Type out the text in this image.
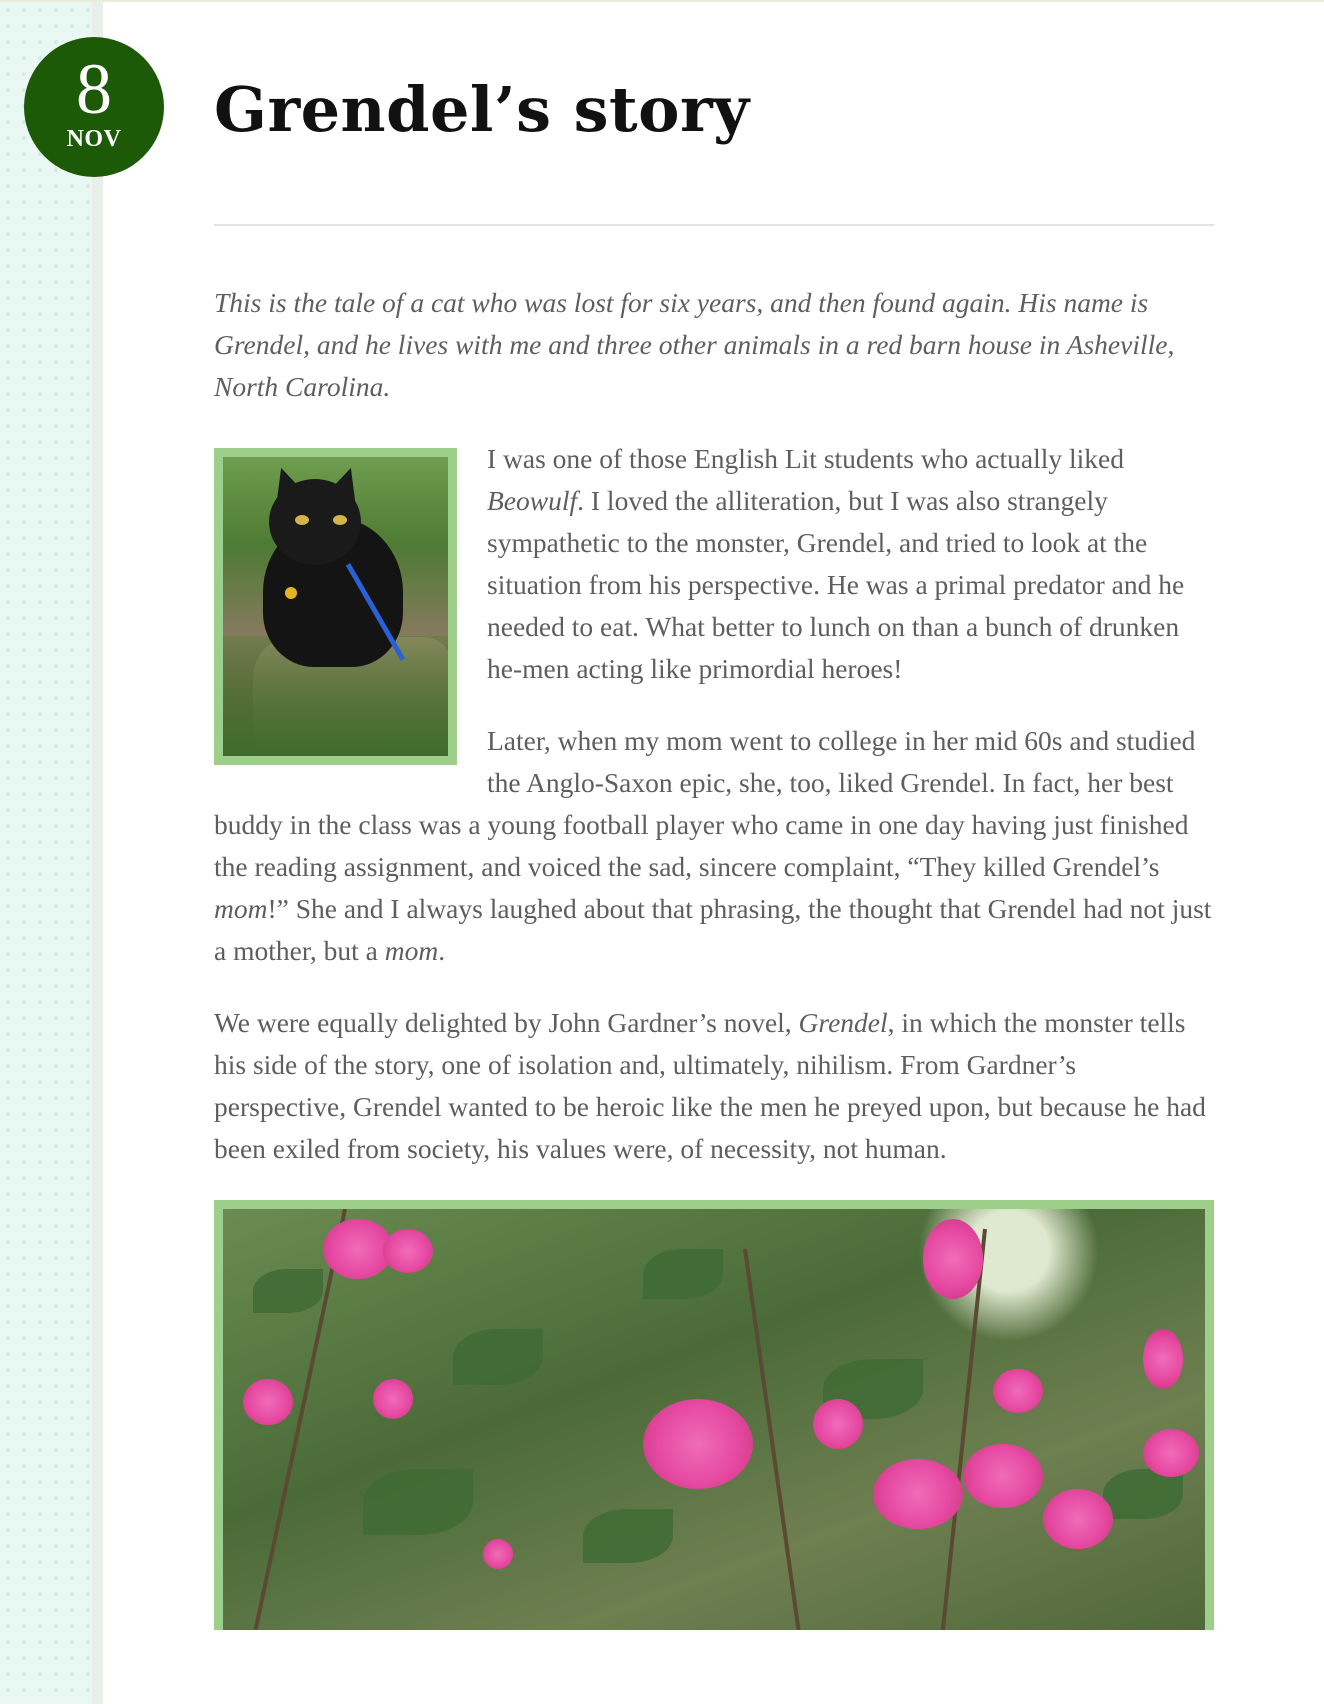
8
NOV	Grendel’s story

This is the tale of a cat who was lost for six years, and then found again. His name is Grendel, and he lives with me and three other animals in a red barn house in Asheville, North Carolina.

I was one of those English Lit students who actually liked Beowulf. I loved the alliteration, but I was also strangely sympathetic to the monster, Grendel, and tried to look at the situation from his perspective. He was a primal predator and he needed to eat. What better to lunch on than a bunch of drunken he-men acting like primordial heroes!

Later, when my mom went to college in her mid 60s and studied the Anglo-Saxon epic, she, too, liked Grendel. In fact, her best buddy in the class was a young football player who came in one day having just finished the reading assignment, and voiced the sad, sincere complaint, “They killed Grendel’s mom!” She and I always laughed about that phrasing, the thought that Grendel had not just a mother, but a mom.

We were equally delighted by John Gardner’s novel, Grendel, in which the monster tells his side of the story, one of isolation and, ultimately, nihilism. From Gardner’s perspective, Grendel wanted to be heroic like the men he preyed upon, but because he had been exiled from society, his values were, of necessity, not human.
